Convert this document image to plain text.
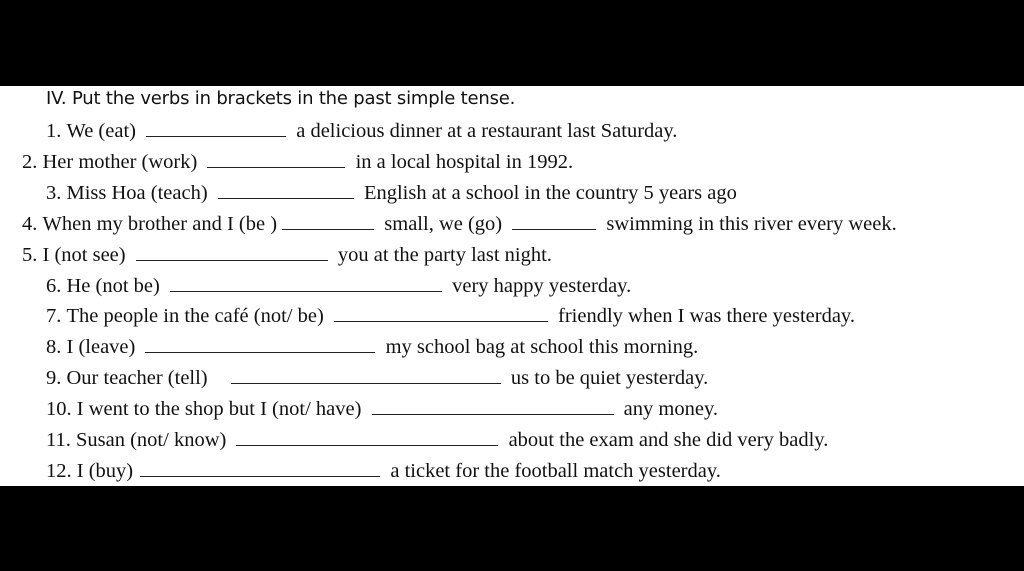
IV. Put the verbs in brackets in the past simple tense.
1. We (eat)	a delicious dinner at a restaurant last Saturday.
2. Her mother (work)	in a local hospital in 1992.
3. Miss Hoa (teach)	English at a school in the country 5 years ago
4. When my brother and I (be )	small, we (go)	swimming in this river every week.
5. I (not see)	you at the party last night.
6. He (not be)	very happy yesterday.
7. The people in the café (not/ be)	friendly when I was there yesterday.
8. I (leave)	my school bag at school this morning.
9. Our teacher (tell)	us to be quiet yesterday.
10. I went to the shop but I (not/ have)	any money.
11. Susan (not/ know)	about the exam and she did very badly.
12. I (buy)	a ticket for the football match yesterday.
